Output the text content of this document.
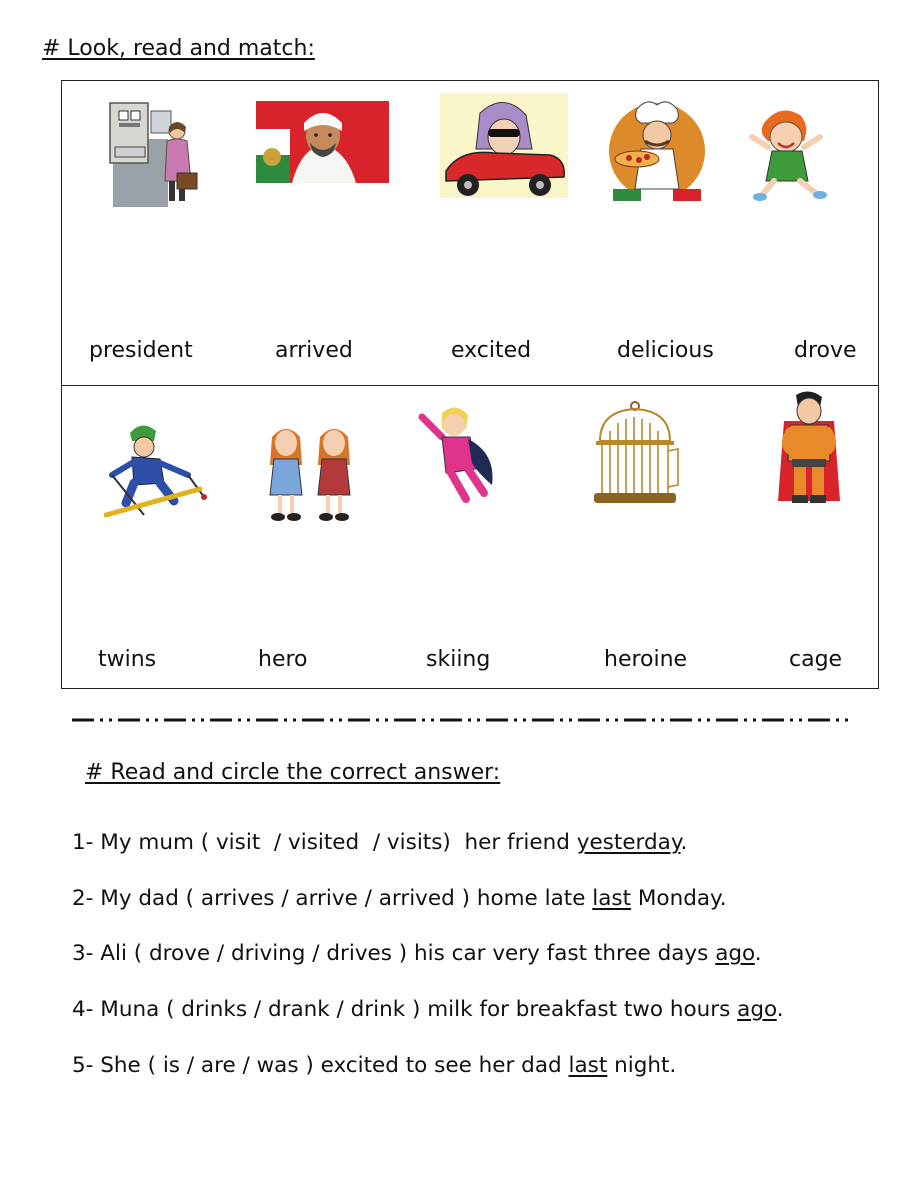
# Look, read and match:
president	arrived	excited	delicious	drove
twins	hero	skiing	heroine	cage
# Read and circle the correct answer:
1- My mum ( visit  / visited  / visits)  her friend yesterday.
2- My dad ( arrives / arrive / arrived ) home late last Monday.
3- Ali ( drove / driving / drives ) his car very fast three days ago.
4- Muna ( drinks / drank / drink ) milk for breakfast two hours ago.
5- She ( is / are / was ) excited to see her dad last night.
